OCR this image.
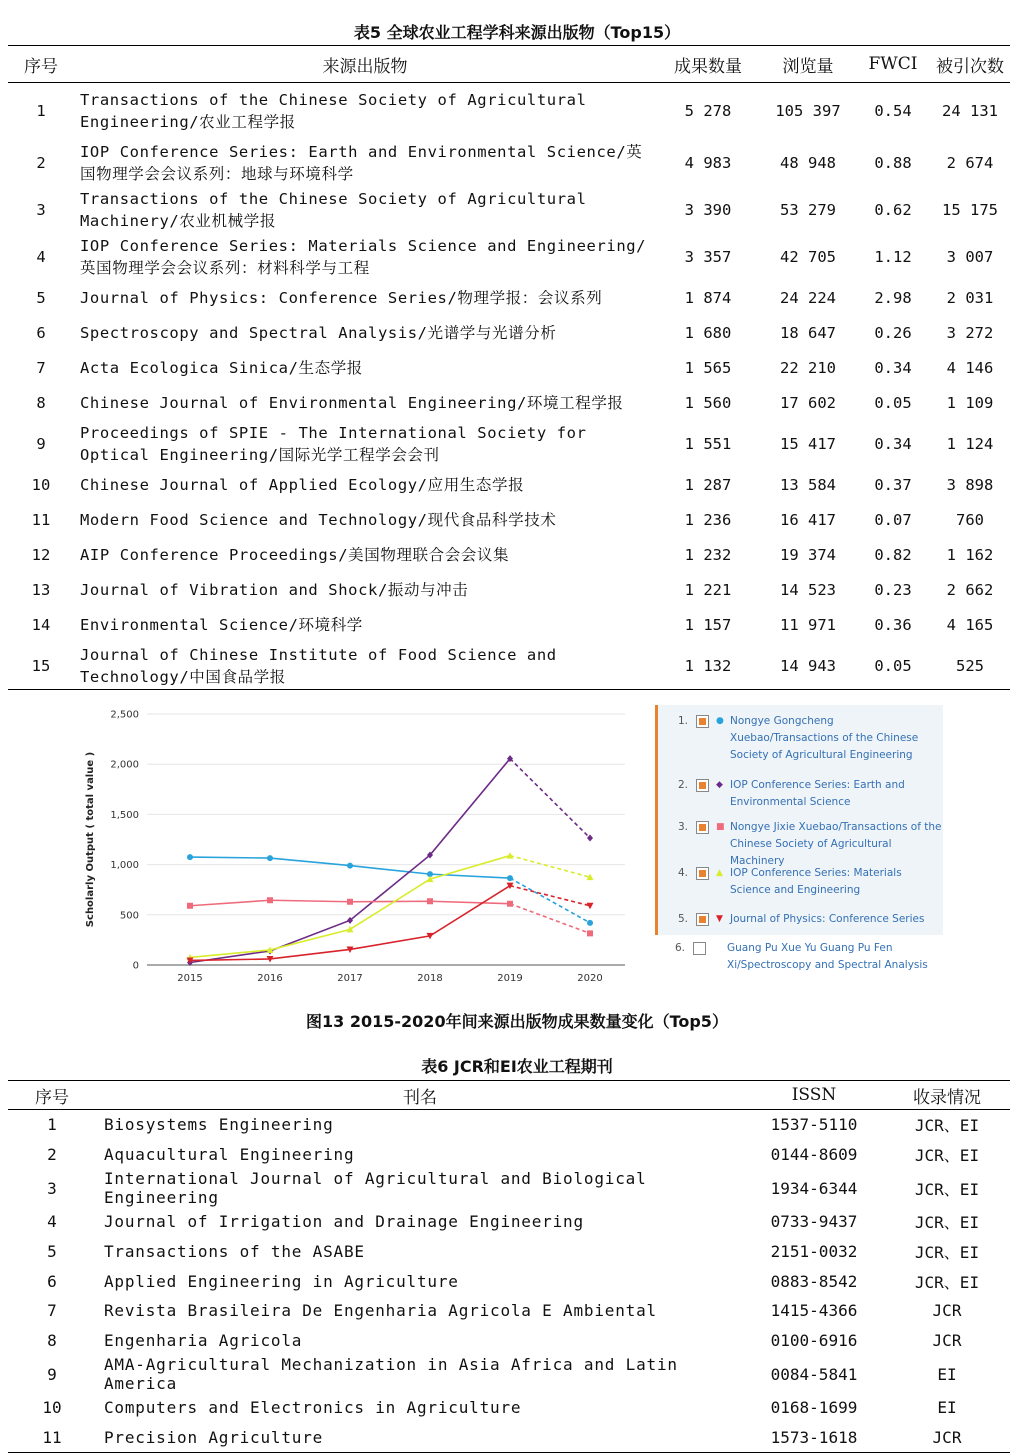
表5 全球农业工程学科来源出版物（Top15）
序号	来源出版物	成果数量	浏览量	FWCI	被引次数
1	Transactions of the Chinese Society of Agricultural Engineering/农业工程学报	5 278	105 397	0.54	24 131
2	IOP Conference Series: Earth and Environmental Science/英国物理学会会议系列：地球与环境科学	4 983	48 948	0.88	2 674
3	Transactions of the Chinese Society of Agricultural Machinery/农业机械学报	3 390	53 279	0.62	15 175
4	IOP Conference Series: Materials Science and Engineering/英国物理学会会议系列：材料科学与工程	3 357	42 705	1.12	3 007
5	Journal of Physics: Conference Series/物理学报：会议系列	1 874	24 224	2.98	2 031
6	Spectroscopy and Spectral Analysis/光谱学与光谱分析	1 680	18 647	0.26	3 272
7	Acta Ecologica Sinica/生态学报	1 565	22 210	0.34	4 146
8	Chinese Journal of Environmental Engineering/环境工程学报	1 560	17 602	0.05	1 109
9	Proceedings of SPIE - The International Society for Optical Engineering/国际光学工程学会会刊	1 551	15 417	0.34	1 124
10	Chinese Journal of Applied Ecology/应用生态学报	1 287	13 584	0.37	3 898
11	Modern Food Science and Technology/现代食品科学技术	1 236	16 417	0.07	760
12	AIP Conference Proceedings/美国物理联合会会议集	1 232	19 374	0.82	1 162
13	Journal of Vibration and Shock/振动与冲击	1 221	14 523	0.23	2 662
14	Environmental Science/环境科学	1 157	11 971	0.36	4 165
15	Journal of Chinese Institute of Food Science and Technology/中国食品学报	1 132	14 943	0.05	525
0
500
1,000
1,500
2,000
2,500
2015	2016	2017	2018	2019	2020
Scholarly Output ( total value )
1.	● Nongye Gongcheng Xuebao/Transactions of the Chinese Society of Agricultural Engineering
2.	◆ IOP Conference Series: Earth and Environmental Science
3.	■ Nongye Jixie Xuebao/Transactions of the Chinese Society of Agricultural Machinery
4.	▲ IOP Conference Series: Materials Science and Engineering
5.	▼ Journal of Physics: Conference Series
6.	Guang Pu Xue Yu Guang Pu Fen Xi/Spectroscopy and Spectral Analysis
图13 2015-2020年间来源出版物成果数量变化（Top5）
表6 JCR和EI农业工程期刊
序号	刊名	ISSN	收录情况
1	Biosystems Engineering	1537-5110	JCR、EI
2	Aquacultural Engineering	0144-8609	JCR、EI
3	International Journal of Agricultural and Biological Engineering	1934-6344	JCR、EI
4	Journal of Irrigation and Drainage Engineering	0733-9437	JCR、EI
5	Transactions of the ASABE	2151-0032	JCR、EI
6	Applied Engineering in Agriculture	0883-8542	JCR、EI
7	Revista Brasileira De Engenharia Agricola E Ambiental	1415-4366	JCR
8	Engenharia Agricola	0100-6916	JCR
9	AMA-Agricultural Mechanization in Asia Africa and Latin America	0084-5841	EI
10	Computers and Electronics in Agriculture	0168-1699	EI
11	Precision Agriculture	1573-1618	JCR
